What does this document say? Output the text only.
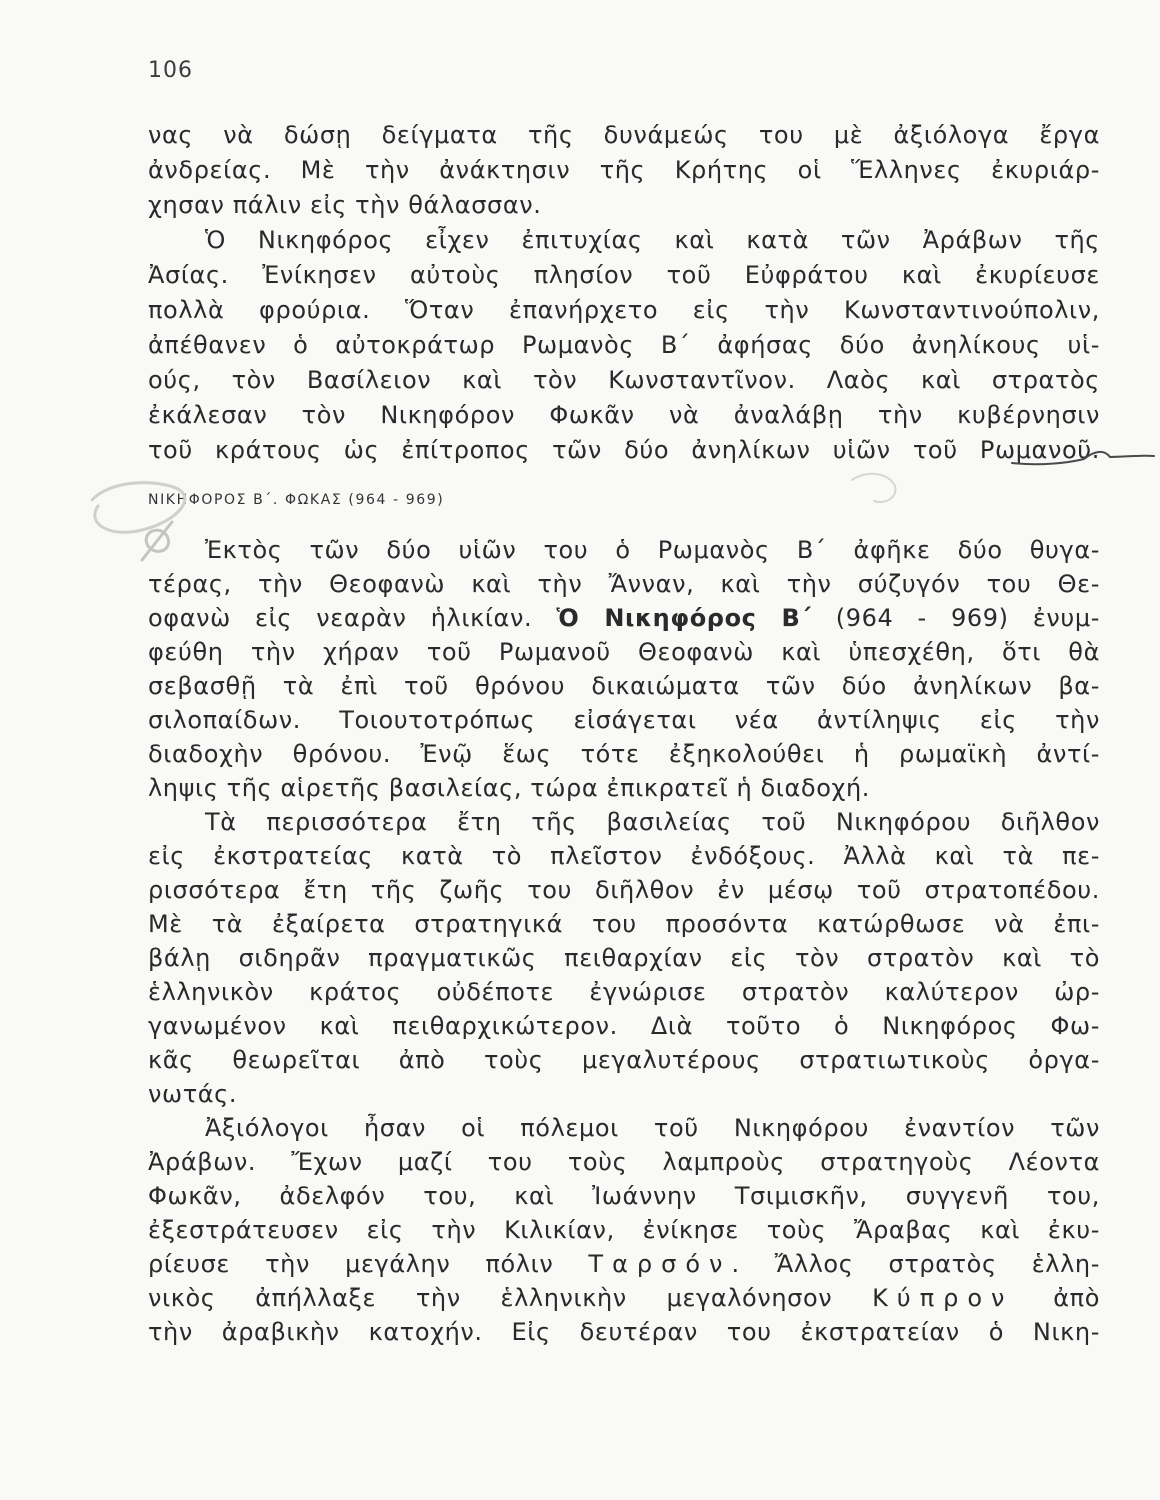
106
νας νὰ δώσῃ δείγματα τῆς δυνάμεώς του μὲ ἀξιόλογα ἔργα
ἀνδρείας. Μὲ τὴν ἀνάκτησιν τῆς Κρήτης οἱ Ἕλληνες ἐκυριάρ-
χησαν πάλιν εἰς τὴν θάλασσαν.
Ὁ Νικηφόρος εἶχεν ἐπιτυχίας καὶ κατὰ τῶν Ἀράβων τῆς
Ἀσίας. Ἐνίκησεν αὐτοὺς πλησίον τοῦ Εὐφράτου καὶ ἐκυρίευσε
πολλὰ φρούρια. Ὅταν ἐπανήρχετο εἰς τὴν Κωνσταντινούπολιν,
ἀπέθανεν ὁ αὐτοκράτωρ Ρωμανὸς Β΄ ἀφήσας δύο ἀνηλίκους υἱ-
ούς, τὸν Βασίλειον καὶ τὸν Κωνσταντῖνον. Λαὸς καὶ στρατὸς
ἐκάλεσαν τὸν Νικηφόρον Φωκᾶν νὰ ἀναλάβῃ τὴν κυβέρνησιν
τοῦ κράτους ὡς ἐπίτροπος τῶν δύο ἀνηλίκων υἱῶν τοῦ Ρωμανοῦ.
ΝΙΚΗΦΟΡΟΣ Β΄. ΦΩΚΑΣ (964 - 969)
Ἐκτὸς τῶν δύο υἱῶν του ὁ Ρωμανὸς Β΄ ἀφῆκε δύο θυγα-
τέρας, τὴν Θεοφανὼ καὶ τὴν Ἄνναν, καὶ τὴν σύζυγόν του Θε-
οφανὼ εἰς νεαρὰν ἡλικίαν. Ὁ Νικηφόρος Β΄ (964 - 969) ἐνυμ-
φεύθη τὴν χήραν τοῦ Ρωμανοῦ Θεοφανὼ καὶ ὑπεσχέθη, ὅτι θὰ
σεβασθῇ τὰ ἐπὶ τοῦ θρόνου δικαιώματα τῶν δύο ἀνηλίκων βα-
σιλοπαίδων. Τοιουτοτρόπως εἰσάγεται νέα ἀντίληψις εἰς τὴν
διαδοχὴν θρόνου. Ἐνῷ ἕως τότε ἐξηκολούθει ἡ ρωμαϊκὴ ἀντί-
ληψις τῆς αἱρετῆς βασιλείας, τώρα ἐπικρατεῖ ἡ διαδοχή.
Τὰ περισσότερα ἔτη τῆς βασιλείας τοῦ Νικηφόρου διῆλθον
εἰς ἐκστρατείας κατὰ τὸ πλεῖστον ἐνδόξους. Ἀλλὰ καὶ τὰ πε-
ρισσότερα ἔτη τῆς ζωῆς του διῆλθον ἐν μέσῳ τοῦ στρατοπέδου.
Μὲ τὰ ἐξαίρετα στρατηγικά του προσόντα κατώρθωσε νὰ ἐπι-
βάλῃ σιδηρᾶν πραγματικῶς πειθαρχίαν εἰς τὸν στρατὸν καὶ τὸ
ἑλληνικὸν κράτος οὐδέποτε ἐγνώρισε στρατὸν καλύτερον ὠρ-
γανωμένον καὶ πειθαρχικώτερον. Διὰ τοῦτο ὁ Νικηφόρος Φω-
κᾶς θεωρεῖται ἀπὸ τοὺς μεγαλυτέρους στρατιωτικοὺς ὀργα-
νωτάς.
Ἀξιόλογοι ἦσαν οἱ πόλεμοι τοῦ Νικηφόρου ἐναντίον τῶν
Ἀράβων. Ἔχων μαζί του τοὺς λαμπροὺς στρατηγοὺς Λέοντα
Φωκᾶν, ἀδελφόν του, καὶ Ἰωάννην Τσιμισκῆν, συγγενῆ του,
ἐξεστράτευσεν εἰς τὴν Κιλικίαν, ἐνίκησε τοὺς Ἄραβας καὶ ἐκυ-
ρίευσε τὴν μεγάλην πόλιν Ταρσόν. Ἄλλος στρατὸς ἑλλη-
νικὸς ἀπήλλαξε τὴν ἑλληνικὴν μεγαλόνησον Κύπρον ἀπὸ
τὴν ἀραβικὴν κατοχήν. Εἰς δευτέραν του ἐκστρατείαν ὁ Νικη-
